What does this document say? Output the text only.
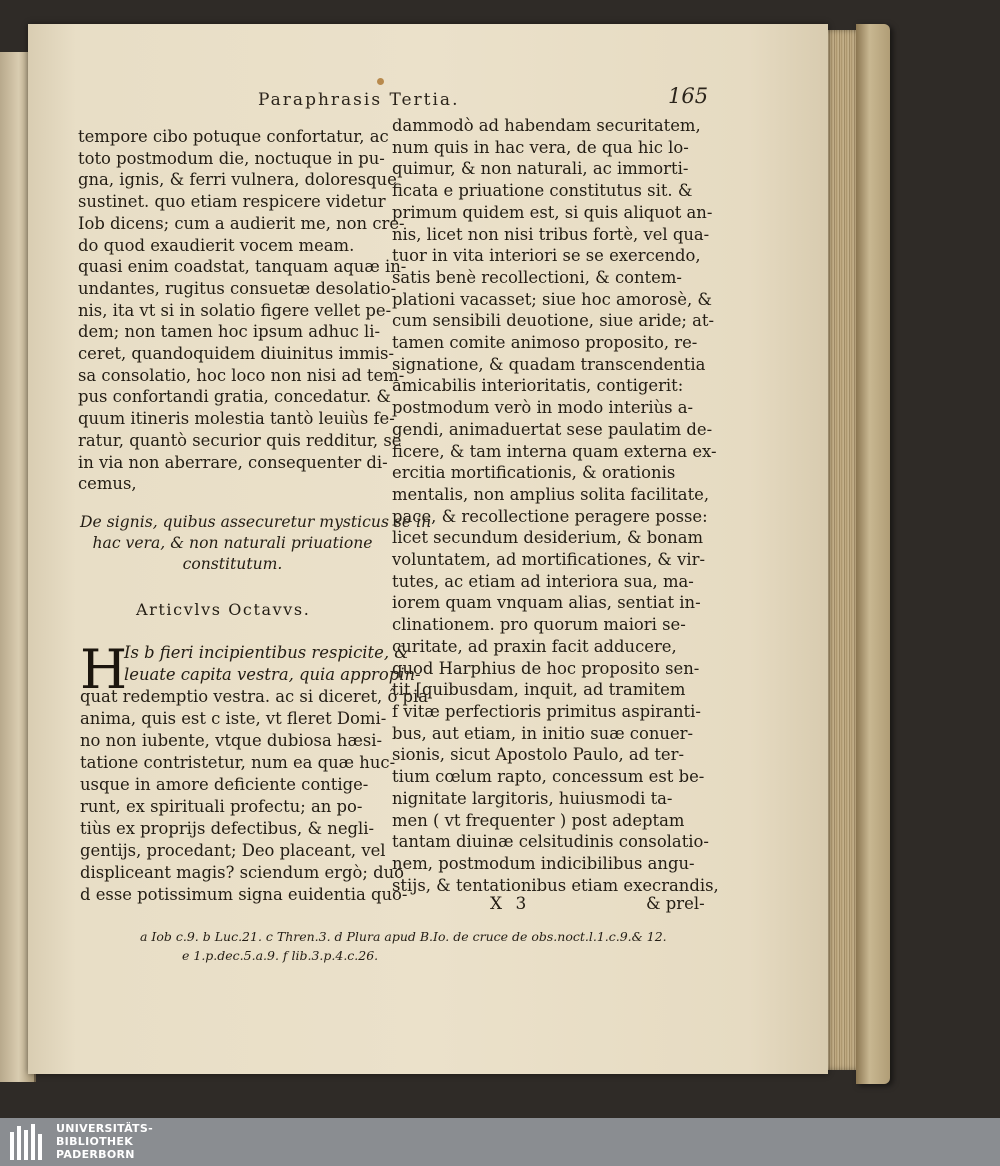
Paraphrasis Tertia.	165
tempore cibo potuque confortatur, ac
toto postmodum die, noctuque in pu-
gna, ignis, & ferri vulnera, doloresque
sustinet. quo etiam respicere videtur
Iob dicens; cum a audierit me, non cre-
do quod exaudierit vocem meam.
quasi enim coadstat, tanquam aquæ in-
undantes, rugitus consuetæ desolatio-
nis, ita vt si in solatio figere vellet pe-
dem; non tamen hoc ipsum adhuc li-
ceret, quandoquidem diuinitus immis-
sa consolatio, hoc loco non nisi ad tem-
pus confortandi gratia, concedatur. &
quum itineris molestia tantò leuiùs fe-
ratur, quantò securior quis redditur, se
in via non aberrare, consequenter di-
cemus,
De signis, quibus assecuretur mysticus se in
hac vera, & non naturali priuatione
constitutum.
Articvlvs Octavvs.
H
Is b fieri incipientibus respicite, &
leuate capita vestra, quia appropin-
quat redemptio vestra. ac si diceret, ô pia
anima, quis est c iste, vt fleret Domi-
no non iubente, vtque dubiosa hæsi-
tatione contristetur, num ea quæ huc-
usque in amore deficiente contige-
runt, ex spirituali profectu; an po-
tiùs ex proprijs defectibus, & negli-
gentijs, procedant; Deo placeant, vel
displiceant magis? sciendum ergò; duo
d esse potissimum signa euidentia quo-
dammodò ad habendam securitatem,
num quis in hac vera, de qua hic lo-
quimur, & non naturali, ac immorti-
ficata e priuatione constitutus sit. &
primum quidem est, si quis aliquot an-
nis, licet non nisi tribus fortè, vel qua-
tuor in vita interiori se se exercendo,
satis benè recollectioni, & contem-
plationi vacasset; siue hoc amorosè, &
cum sensibili deuotione, siue aride; at-
tamen comite animoso proposito, re-
signatione, & quadam transcendentia
amicabilis interioritatis, contigerit:
postmodum verò in modo interiùs a-
gendi, animaduertat sese paulatim de-
ficere, & tam interna quam externa ex-
ercitia mortificationis, & orationis
mentalis, non amplius solita facilitate,
pace, & recollectione peragere posse:
licet secundum desiderium, & bonam
voluntatem, ad mortificationes, & vir-
tutes, ac etiam ad interiora sua, ma-
iorem quam vnquam alias, sentiat in-
clinationem. pro quorum maiori se-
curitate, ad praxin facit adducere,
quod Harphius de hoc proposito sen-
tit [quibusdam, inquit, ad tramitem
f vitæ perfectioris primitus aspiranti-
bus, aut etiam, in initio suæ conuer-
sionis, sicut Apostolo Paulo, ad ter-
tium cœlum rapto, concessum est be-
nignitate largitoris, huiusmodi ta-
men ( vt frequenter ) post adeptam
tantam diuinæ celsitudinis consolatio-
nem, postmodum indicibilibus angu-
stijs, & tentationibus etiam execrandis,
X 3	& prel-
a Iob c.9. b Luc.21. c Thren.3. d Plura apud B.Io. de cruce de obs.noct.l.1.c.9.& 12.
e 1.p.dec.5.a.9. f lib.3.p.4.c.26.
UNIVERSITÄTS-
BIBLIOTHEK
PADERBORN
